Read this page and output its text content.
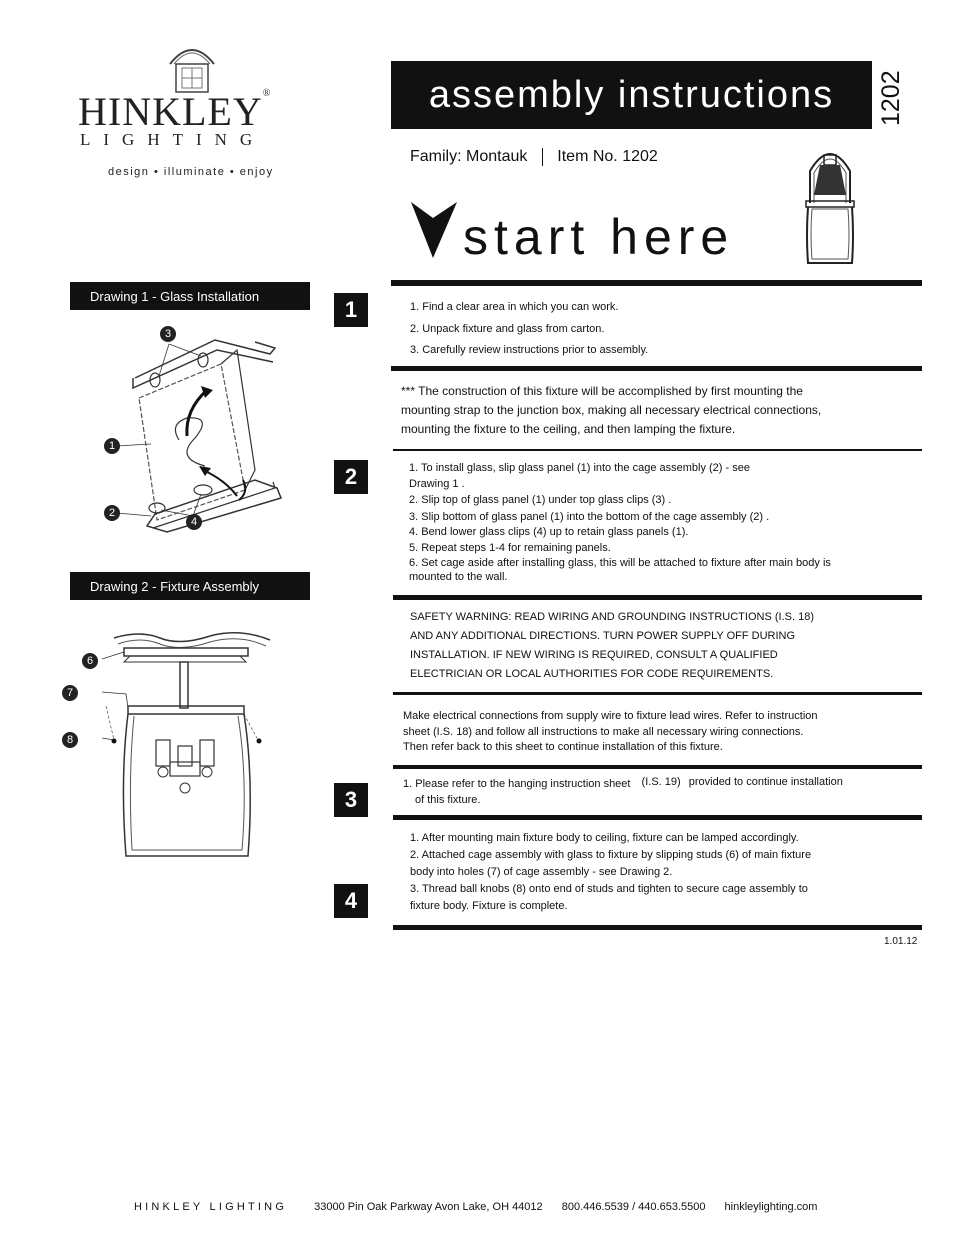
HINKLEY®
LIGHTING
design • illuminate • enjoy
assembly instructions 1202
Family: Montauk Item No. 1202
start here
Drawing 1 - Glass Installation
3
1
2
4
Drawing 2 - Fixture Assembly
6
7
8
1
2
3
4

1. Find a clear area in which you can work.

2. Unpack fixture and glass from carton.

3. Carefully review instructions prior to assembly.

*** The construction of this fixture will be accomplished by first mounting the mounting strap to the junction box, making all necessary electrical connections, mounting the fixture to the ceiling, and then lamping the fixture.

1. To install glass, slip glass panel (1) into the cage assembly (2) - see Drawing 1 .

2. Slip top of glass panel (1) under top glass clips (3) .

3. Slip bottom of glass panel (1) into the bottom of the cage assembly (2) .

4. Bend lower glass clips (4) up to retain glass panels (1).

5. Repeat steps 1-4 for remaining panels.

6. Set cage aside after installing glass, this will be attached to fixture after main body is mounted to the wall.

SAFETY WARNING: READ WIRING AND GROUNDING INSTRUCTIONS (I.S. 18)

AND ANY ADDITIONAL DIRECTIONS. TURN POWER SUPPLY OFF DURING

INSTALLATION. IF NEW WIRING IS REQUIRED, CONSULT A QUALIFIED

ELECTRICIAN OR LOCAL AUTHORITIES FOR CODE REQUIREMENTS.

Make electrical connections from supply wire to fixture lead wires. Refer to instruction

sheet (I.S. 18) and follow all instructions to make all necessary wiring connections.

Then refer back to this sheet to continue installation of this fixture.

1. Please refer to the hanging instruction sheet (I.S. 19) provided to continue installation

of this fixture.

1. After mounting main fixture body to ceiling, fixture can be lamped accordingly.

2. Attached cage assembly with glass to fixture by slipping studs (6) of main fixture

body into holes (7) of cage assembly - see Drawing 2.

3. Thread ball knobs (8) onto end of studs and tighten to secure cage assembly to

fixture body. Fixture is complete.

1.01.12
HINKLEY LIGHTING 33000 Pin Oak Parkway Avon Lake, OH 44012 800.446.5539 / 440.653.5500 hinkleylighting.com
